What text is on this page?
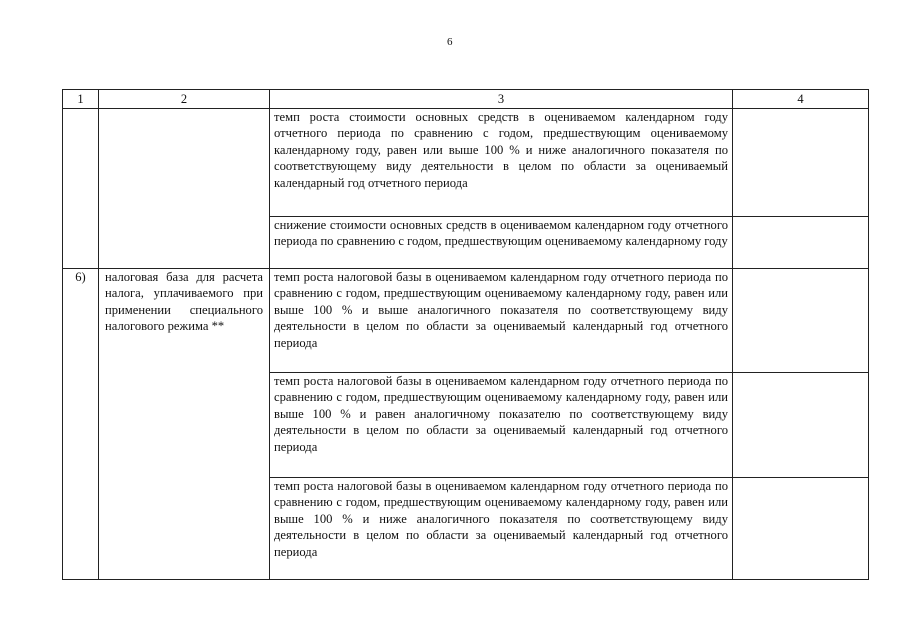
6
1	2	3	4
		темп роста стоимости основных средств в оцениваемом календарном году отчетного периода по сравнению с годом, предшествующим оцениваемому календарному году, равен или выше 100 % и ниже аналогичного показателя по соответствующему виду деятельности в целом по области за оцениваемый календарный год отчетного периода	
		снижение стоимости основных средств в оцениваемом календарном году отчетного периода по сравнению с годом, предшествующим оцениваемому календарному году	
6)	налоговая база для расчета налога, уплачиваемого при применении специального налогового режима **	темп роста налоговой базы в оцениваемом календарном году отчетного периода по сравнению с годом, предшествующим оцениваемому календарному году, равен или выше 100 % и выше аналогичного показателя по соответствующему виду деятельности в целом по области за оцениваемый календарный год отчетного периода	
		темп роста налоговой базы в оцениваемом календарном году отчетного периода по сравнению с годом, предшествующим оцениваемому календарному году, равен или выше 100 % и равен аналогичному показателю по соответствующему виду деятельности в целом по области за оцениваемый календарный год отчетного периода	
		темп роста налоговой базы в оцениваемом календарном году отчетного периода по сравнению с годом, предшествующим оцениваемому календарному году, равен или выше 100 % и ниже аналогичного показателя по соответствующему виду деятельности в целом по области за оцениваемый календарный год отчетного периода	
